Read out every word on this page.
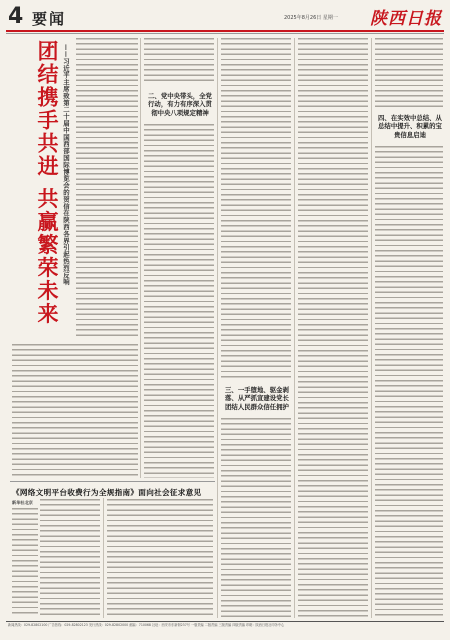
4 要闻	2025年8月26日 星期一 陕西日报
团结携手共进 共赢繁荣未来 ——习近平主席致第二十届中国西部国际博览会的贺信在陕西各界引起热烈反响	二、党中央带头，全党行动，有力有序深入贯彻中央八项规定精神
三、一手堕地、驱金剥落、从严抓宣建设党长团结人民群众信任拥护
四、在实效中总结、从总结中提升、积累的宝贵信息启迪
《网络文明平台收费行为全规指南》面向社会征求意见
新华社北京
新闻热线：029-82802100 广告热线：029-82802123 发行热线：029-82802000 邮编：710068 社址：西安市东新街237号 一版责编 二版责编 三版责编 四版责编 印刷：陕西日报社印务中心
